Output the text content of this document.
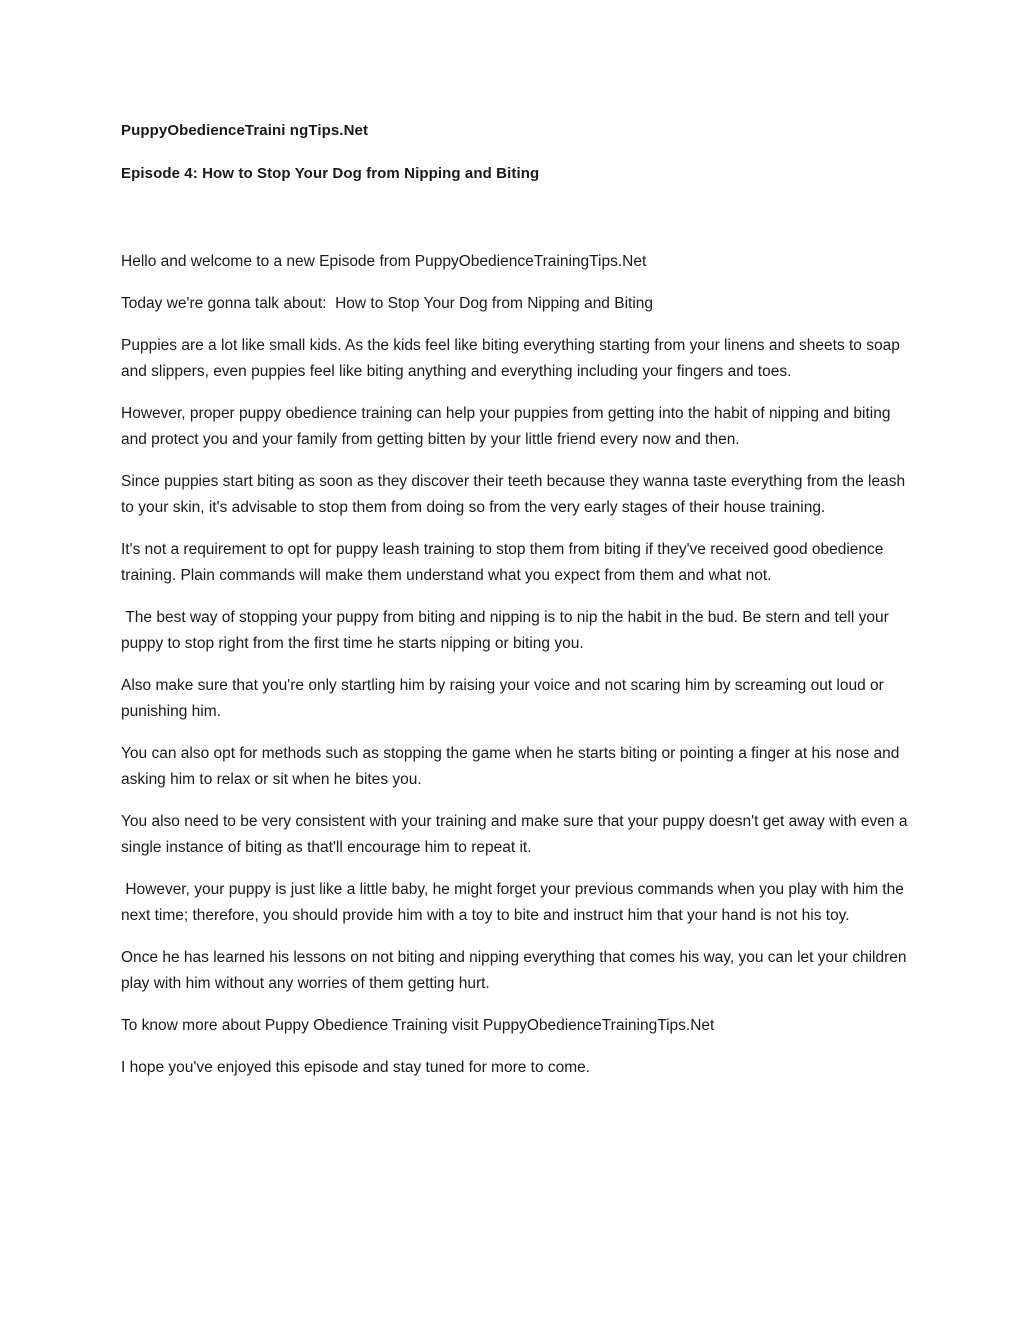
PuppyObedienceTraini ngTips.Net

Episode 4: How to Stop Your Dog from Nipping and Biting

Hello and welcome to a new Episode from PuppyObedienceTrainingTips.Net

Today we're gonna talk about:  How to Stop Your Dog from Nipping and Biting

Puppies are a lot like small kids. As the kids feel like biting everything starting from your linens and sheets to soap and slippers, even puppies feel like biting anything and everything including your fingers and toes.

However, proper puppy obedience training can help your puppies from getting into the habit of nipping and biting and protect you and your family from getting bitten by your little friend every now and then.

Since puppies start biting as soon as they discover their teeth because they wanna taste everything from the leash to your skin, it's advisable to stop them from doing so from the very early stages of their house training.

It's not a requirement to opt for puppy leash training to stop them from biting if they've received good obedience training. Plain commands will make them understand what you expect from them and what not.

The best way of stopping your puppy from biting and nipping is to nip the habit in the bud. Be stern and tell your puppy to stop right from the first time he starts nipping or biting you.

Also make sure that you're only startling him by raising your voice and not scaring him by screaming out loud or punishing him.

You can also opt for methods such as stopping the game when he starts biting or pointing a finger at his nose and asking him to relax or sit when he bites you.

You also need to be very consistent with your training and make sure that your puppy doesn't get away with even a single instance of biting as that'll encourage him to repeat it.

However, your puppy is just like a little baby, he might forget your previous commands when you play with him the next time; therefore, you should provide him with a toy to bite and instruct him that your hand is not his toy.

Once he has learned his lessons on not biting and nipping everything that comes his way, you can let your children play with him without any worries of them getting hurt.

To know more about Puppy Obedience Training visit PuppyObedienceTrainingTips.Net

I hope you've enjoyed this episode and stay tuned for more to come.
